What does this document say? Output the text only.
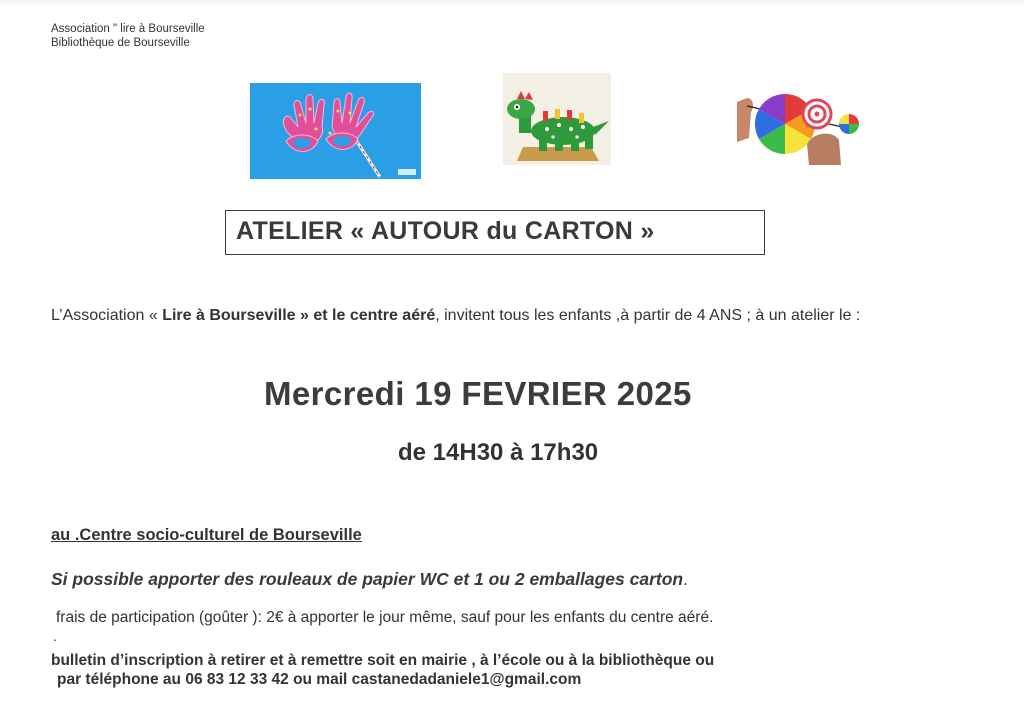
Association " lire à Bourseville
Bibliothèque de Bourseville
ATELIER « AUTOUR du CARTON »
L’Association « Lire à Bourseville » et le centre aéré, invitent tous les enfants ,à partir de 4 ANS ; à un atelier le :
Mercredi 19 FEVRIER 2025
de 14H30 à 17h30
au .Centre socio-culturel de Bourseville
Si possible apporter des rouleaux de papier WC et 1 ou 2 emballages carton.
frais de participation (goûter ): 2€ à apporter le jour même, sauf pour les enfants du centre aéré.
.
bulletin d’inscription à retirer et à remettre soit en mairie , à l’école ou à la bibliothèque ou
par téléphone au 06 83 12 33 42 ou mail castanedadaniele1@gmail.com
